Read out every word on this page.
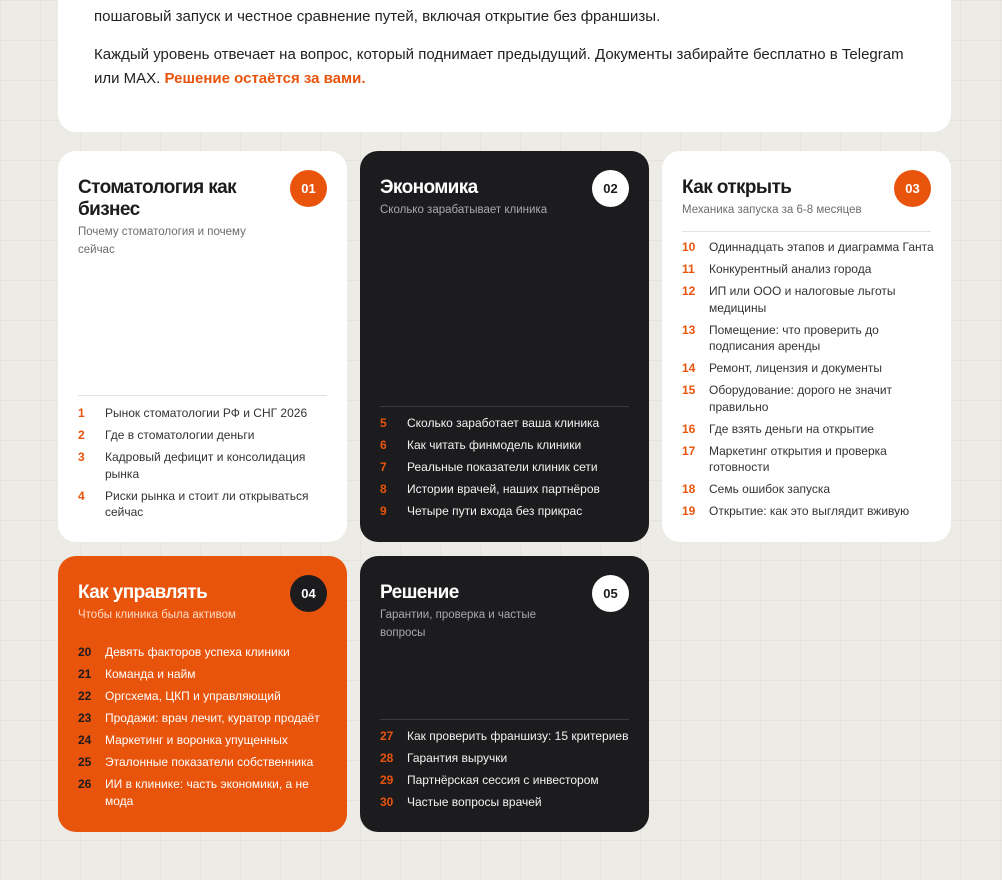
пошаговый запуск и честное сравнение путей, включая открытие без франшизы.

Каждый уровень отвечает на вопрос, который поднимает предыдущий. Документы забирайте бесплатно в Telegram или MAX. Решение остаётся за вами.

Стоматология как бизнес
Почему стоматология и почему сейчас
01
1	Рынок стоматологии РФ и СНГ 2026
2	Где в стоматологии деньги
3	Кадровый дефицит и консолидация рынка
4	Риски рынка и стоит ли открываться сейчас
Экономика
Сколько зарабатывает клиника
02
5	Сколько заработает ваша клиника
6	Как читать финмодель клиники
7	Реальные показатели клиник сети
8	Истории врачей, наших партнёров
9	Четыре пути входа без прикрас
Как открыть
Механика запуска за 6-8 месяцев
03
10	Одиннадцать этапов и диаграмма Ганта
11	Конкурентный анализ города
12	ИП или ООО и налоговые льготы медицины
13	Помещение: что проверить до подписания аренды
14	Ремонт, лицензия и документы
15	Оборудование: дорого не значит правильно
16	Где взять деньги на открытие
17	Маркетинг открытия и проверка готовности
18	Семь ошибок запуска
19	Открытие: как это выглядит вживую
Как управлять
Чтобы клиника была активом
04
20	Девять факторов успеха клиники
21	Команда и найм
22	Оргсхема, ЦКП и управляющий
23	Продажи: врач лечит, куратор продаёт
24	Маркетинг и воронка упущенных
25	Эталонные показатели собственника
26	ИИ в клинике: часть экономики, а не мода
Решение
Гарантии, проверка и частые вопросы
05
27	Как проверить франшизу: 15 критериев
28	Гарантия выручки
29	Партнёрская сессия с инвестором
30	Частые вопросы врачей
